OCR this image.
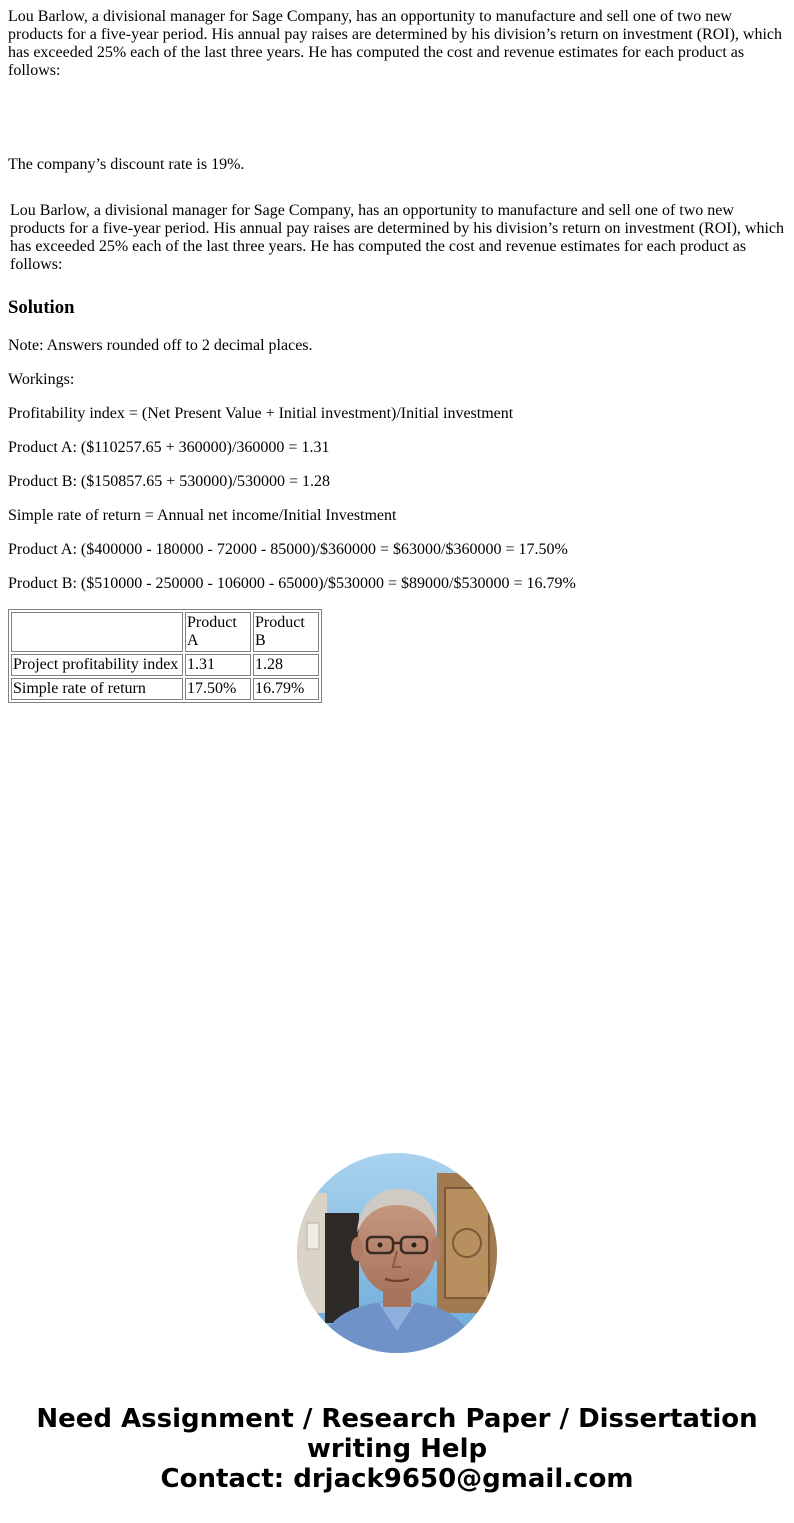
Lou Barlow, a divisional manager for Sage Company, has an opportunity to manufacture and sell one of two new products for a five-year period. His annual pay raises are determined by his division’s return on investment (ROI), which has exceeded 25% each of the last three years. He has computed the cost and revenue estimates for each product as follows:

The company’s discount rate is 19%.

Lou Barlow, a divisional manager for Sage Company, has an opportunity to manufacture and sell one of two new products for a five-year period. His annual pay raises are determined by his division’s return on investment (ROI), which has exceeded 25% each of the last three years. He has computed the cost and revenue estimates for each product as follows:

Solution

Note: Answers rounded off to 2 decimal places.

Workings:

Profitability index = (Net Present Value + Initial investment)/Initial investment

Product A: ($110257.65 + 360000)/360000 = 1.31

Product B: ($150857.65 + 530000)/530000 = 1.28

Simple rate of return = Annual net income/Initial Investment

Product A: ($400000 - 180000 - 72000 - 85000)/$360000 = $63000/$360000 = 17.50%

Product B: ($510000 - 250000 - 106000 - 65000)/$530000 = $89000/$530000 = 16.79%

	Product A	Product B
Project profitability index	1.31	1.28
Simple rate of return	17.50%	16.79%
Need Assignment / Research Paper / Dissertation
writing Help
Contact: drjack9650@gmail.com
